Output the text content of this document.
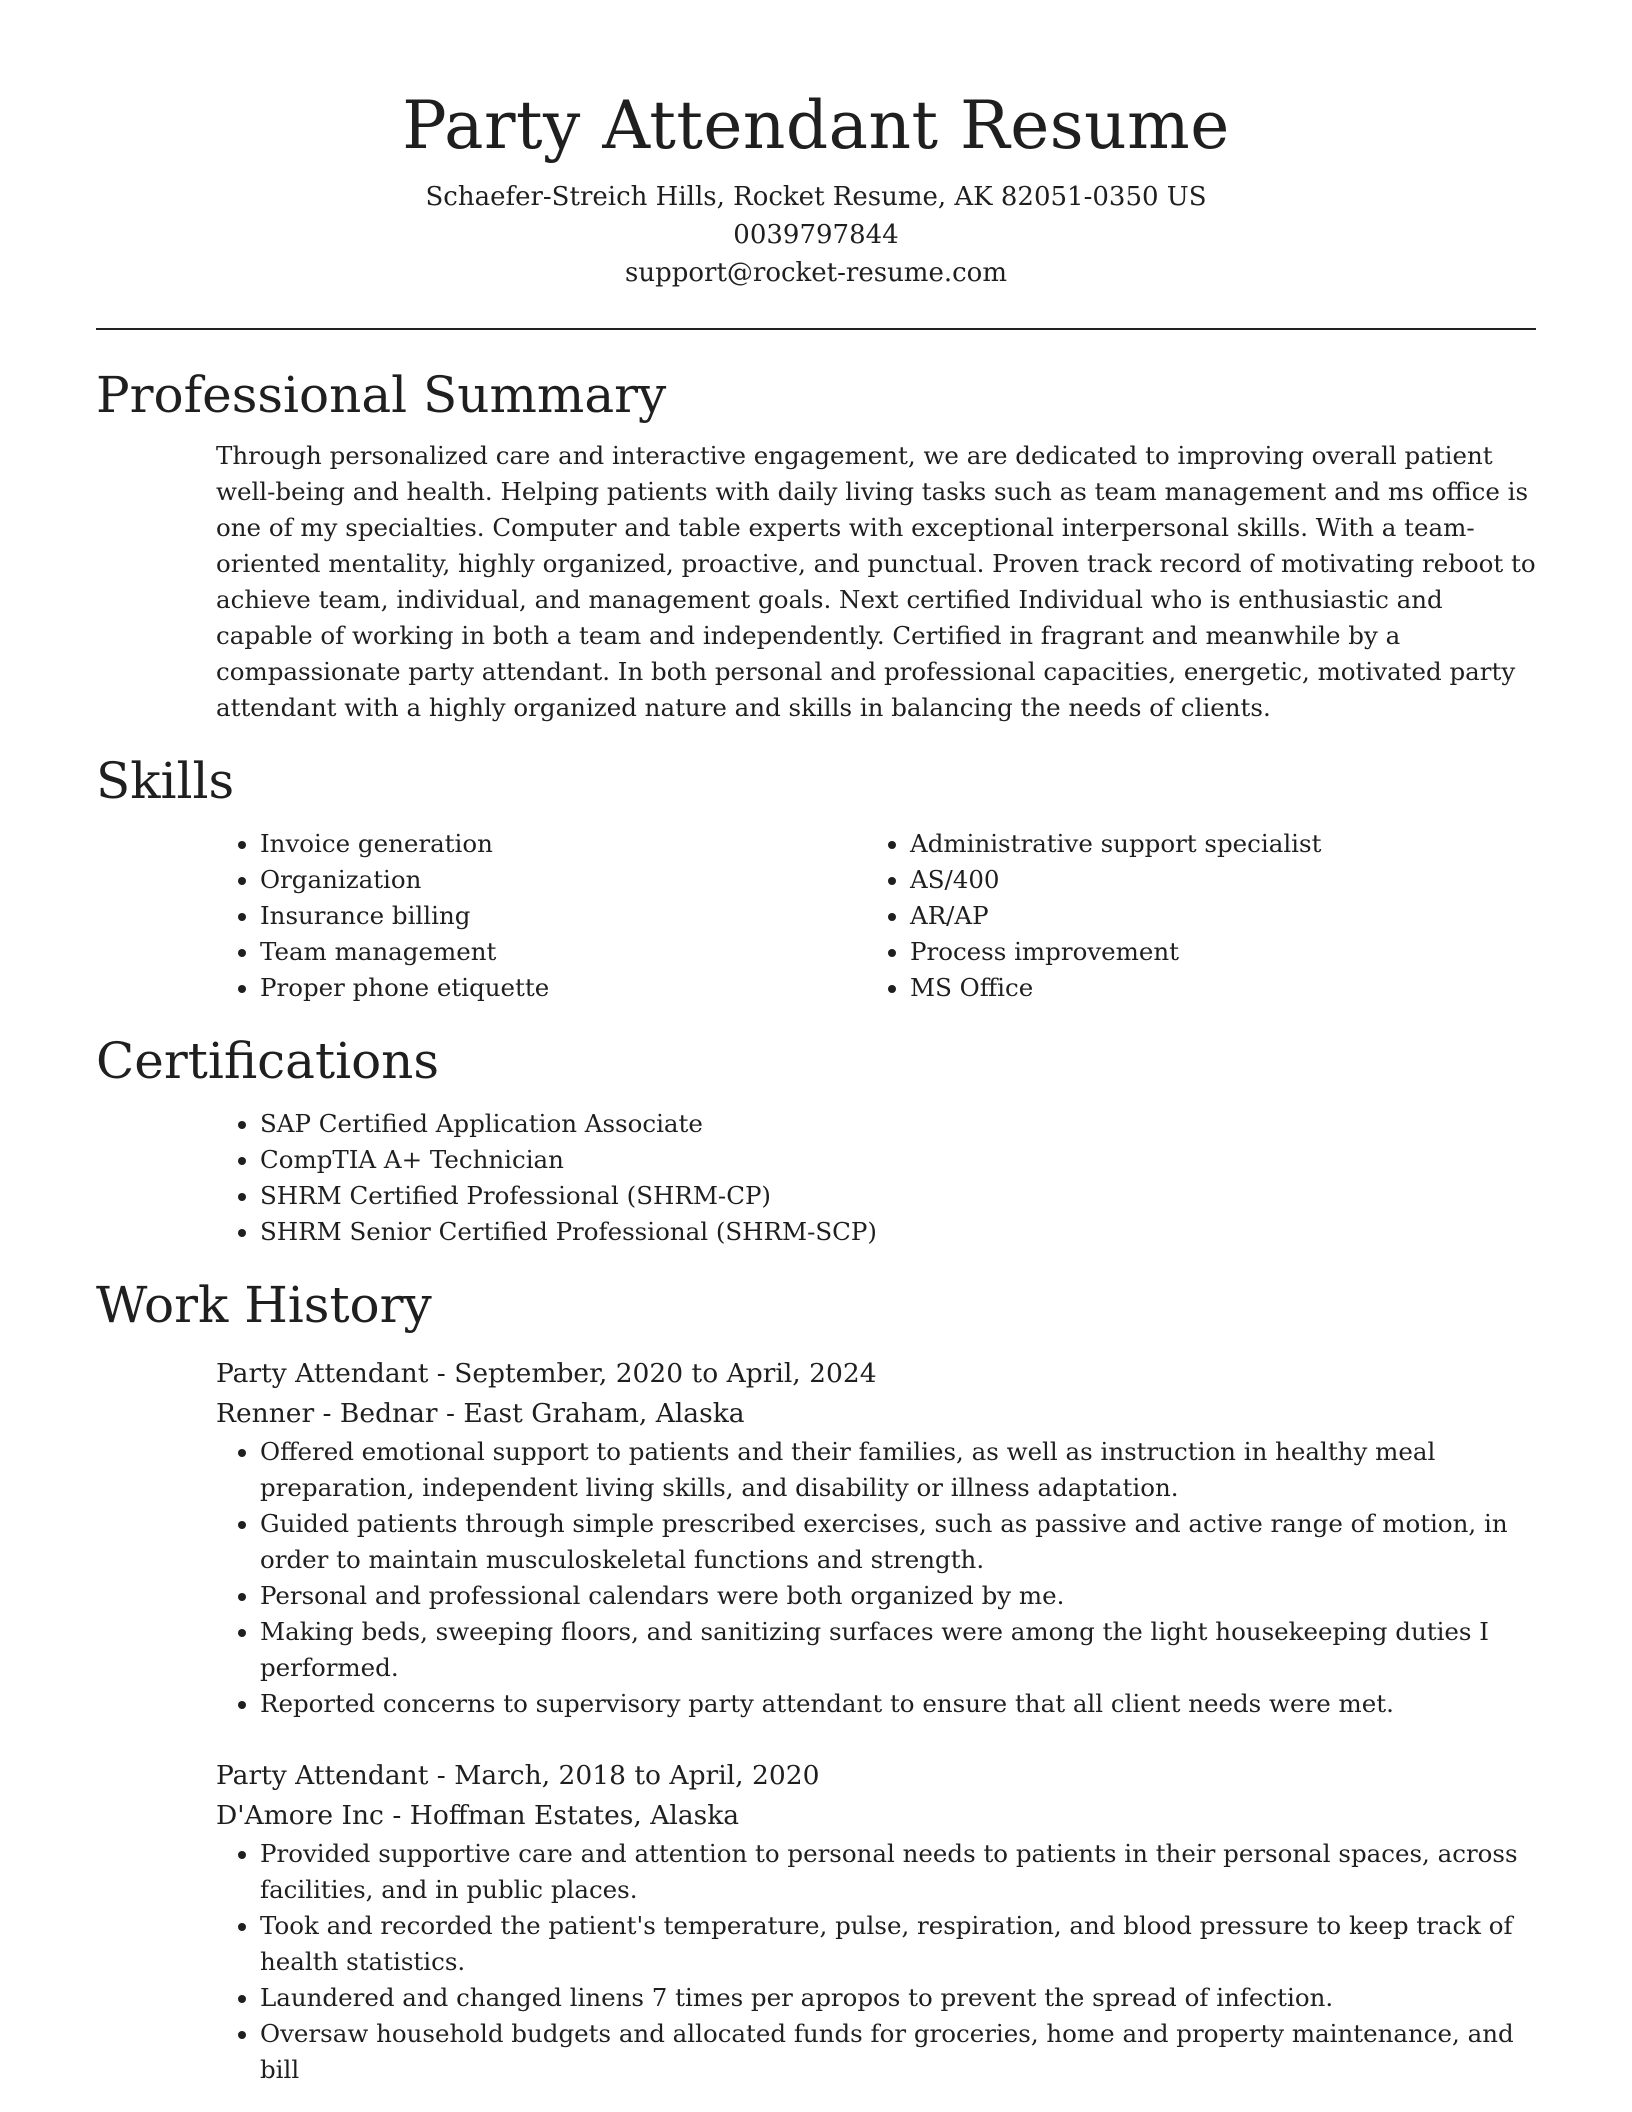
Party Attendant Resume

Schaefer-Streich Hills, Rocket Resume, AK 82051-0350 US

0039797844

support@rocket-resume.com

Professional Summary

Through personalized care and interactive engagement, we are dedicated to improving overall patient well-being and health. Helping patients with daily living tasks such as team management and ms office is one of my specialties. Computer and table experts with exceptional interpersonal skills. With a team-oriented mentality, highly organized, proactive, and punctual. Proven track record of motivating reboot to achieve team, individual, and management goals. Next certified Individual who is enthusiastic and capable of working in both a team and independently. Certified in fragrant and meanwhile by a compassionate party attendant. In both personal and professional capacities, energetic, motivated party attendant with a highly organized nature and skills in balancing the needs of clients.

Skills
• Invoice generation
• Organization
• Insurance billing
• Team management
• Proper phone etiquette
• Administrative support specialist
• AS/400
• AR/AP
• Process improvement
• MS Office
Certifications
• SAP Certified Application Associate
• CompTIA A+ Technician
• SHRM Certified Professional (SHRM-CP)
• SHRM Senior Certified Professional (SHRM-SCP)
Work History

Party Attendant - September, 2020 to April, 2024

Renner - Bednar - East Graham, Alaska

• Offered emotional support to patients and their families, as well as instruction in healthy meal preparation, independent living skills, and disability or illness adaptation.
• Guided patients through simple prescribed exercises, such as passive and active range of motion, in order to maintain musculoskeletal functions and strength.
• Personal and professional calendars were both organized by me.
• Making beds, sweeping floors, and sanitizing surfaces were among the light housekeeping duties I performed.
• Reported concerns to supervisory party attendant to ensure that all client needs were met.

Party Attendant - March, 2018 to April, 2020

D'Amore Inc - Hoffman Estates, Alaska

• Provided supportive care and attention to personal needs to patients in their personal spaces, across facilities, and in public places.
• Took and recorded the patient's temperature, pulse, respiration, and blood pressure to keep track of health statistics.
• Laundered and changed linens 7 times per apropos to prevent the spread of infection.
• Oversaw household budgets and allocated funds for groceries, home and property maintenance, and bill
